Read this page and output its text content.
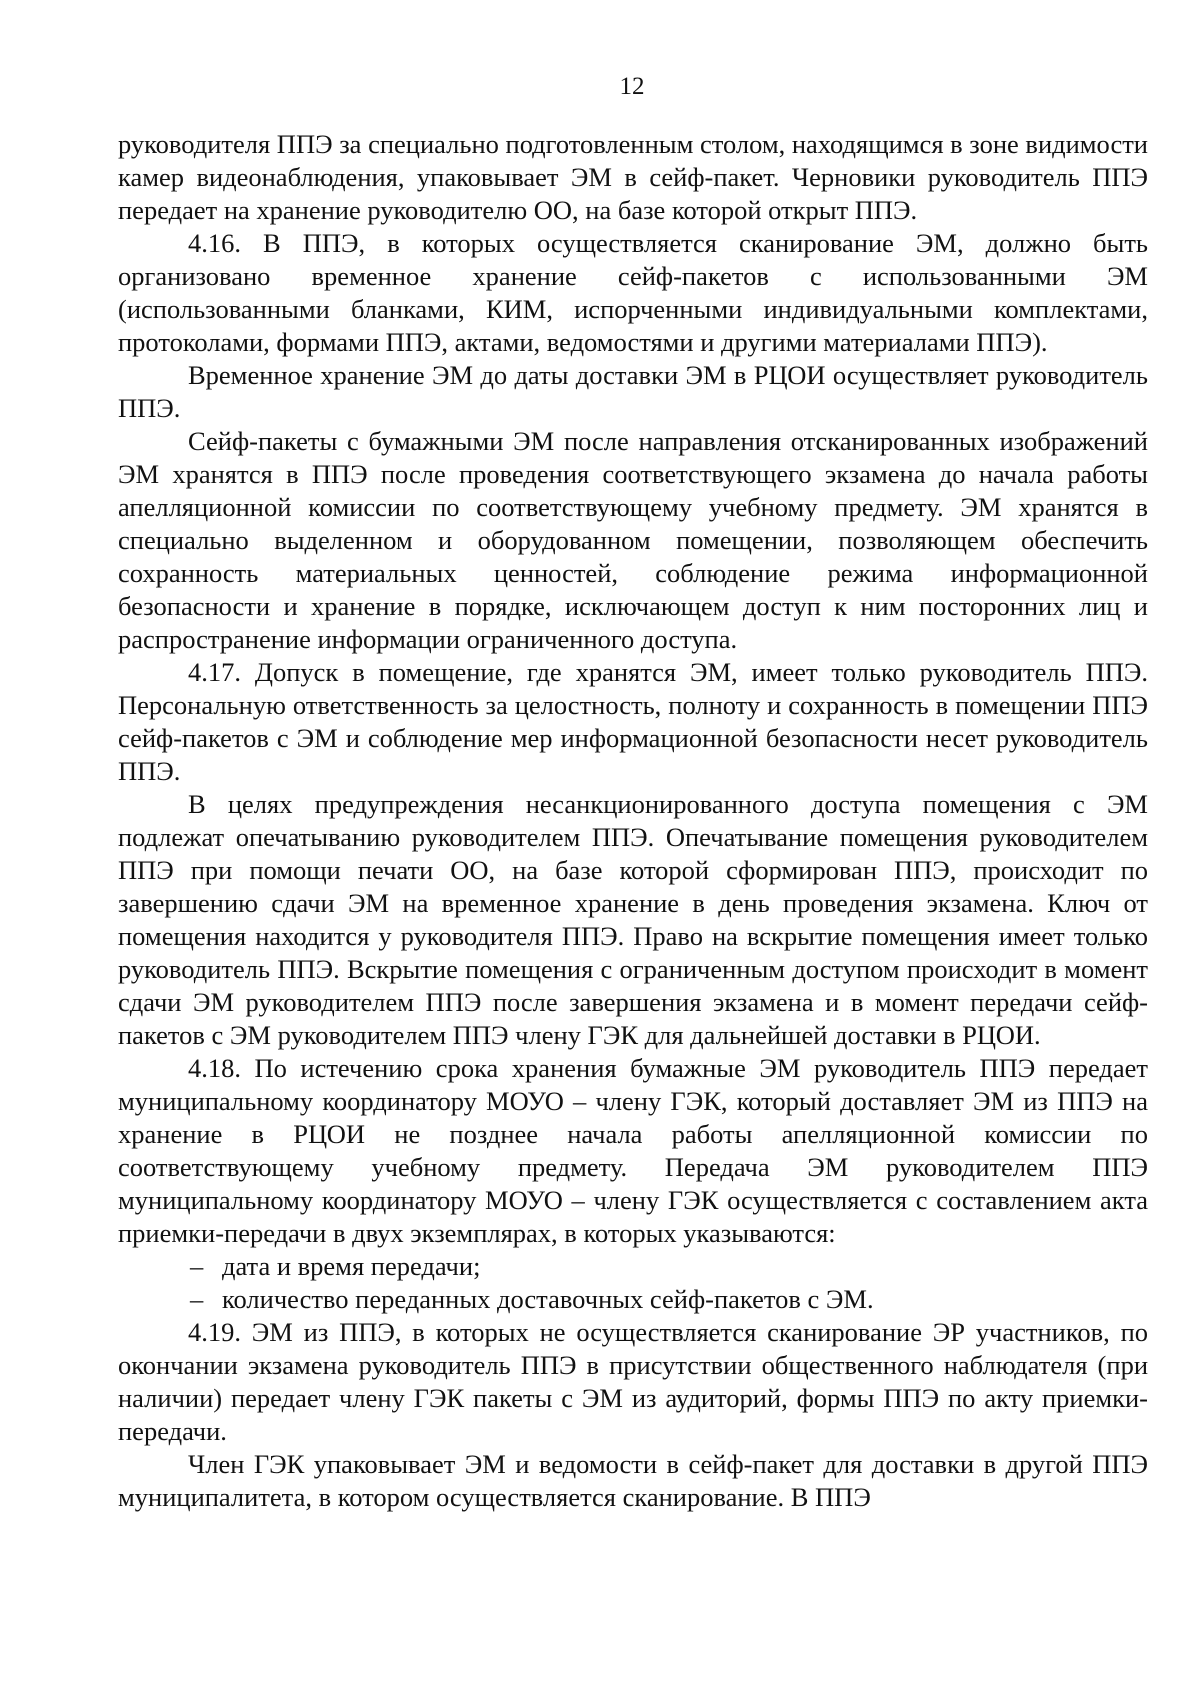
12

руководителя ППЭ за специально подготовленным столом, находящимся в зоне видимости камер видеонаблюдения, упаковывает ЭМ в сейф-пакет. Черновики руководитель ППЭ передает на хранение руководителю ОО, на базе которой открыт ППЭ.

4.16. В ППЭ, в которых осуществляется сканирование ЭМ, должно быть организовано временное хранение сейф-пакетов с использованными ЭМ (использованными бланками, КИМ, испорченными индивидуальными комплектами, протоколами, формами ППЭ, актами, ведомостями и другими материалами ППЭ).

Временное хранение ЭМ до даты доставки ЭМ в РЦОИ осуществляет руководитель ППЭ.

Сейф-пакеты с бумажными ЭМ после направления отсканированных изображений ЭМ хранятся в ППЭ после проведения соответствующего экзамена до начала работы апелляционной комиссии по соответствующему учебному предмету. ЭМ хранятся в специально выделенном и оборудованном помещении, позволяющем обеспечить сохранность материальных ценностей, соблюдение режима информационной безопасности и хранение в порядке, исключающем доступ к ним посторонних лиц и распространение информации ограниченного доступа.

4.17. Допуск в помещение, где хранятся ЭМ, имеет только руководитель ППЭ. Персональную ответственность за целостность, полноту и сохранность в помещении ППЭ сейф-пакетов с ЭМ и соблюдение мер информационной безопасности несет руководитель ППЭ.

В целях предупреждения несанкционированного доступа помещения с ЭМ подлежат опечатыванию руководителем ППЭ. Опечатывание помещения руководителем ППЭ при помощи печати ОО, на базе которой сформирован ППЭ, происходит по завершению сдачи ЭМ на временное хранение в день проведения экзамена. Ключ от помещения находится у руководителя ППЭ. Право на вскрытие помещения имеет только руководитель ППЭ. Вскрытие помещения с ограниченным доступом происходит в момент сдачи ЭМ руководителем ППЭ после завершения экзамена и в момент передачи сейф-пакетов с ЭМ руководителем ППЭ члену ГЭК для дальнейшей доставки в РЦОИ.

4.18. По истечению срока хранения бумажные ЭМ руководитель ППЭ передает муниципальному координатору МОУО – члену ГЭК, который доставляет ЭМ из ППЭ на хранение в РЦОИ не позднее начала работы апелляционной комиссии по соответствующему учебному предмету. Передача ЭМ руководителем ППЭ муниципальному координатору МОУО – члену ГЭК осуществляется с составлением акта приемки-передачи в двух экземплярах, в которых указываются:

– дата и время передачи;

– количество переданных доставочных сейф-пакетов с ЭМ.

4.19. ЭМ из ППЭ, в которых не осуществляется сканирование ЭР участников, по окончании экзамена руководитель ППЭ в присутствии общественного наблюдателя (при наличии) передает члену ГЭК пакеты с ЭМ из аудиторий, формы ППЭ по акту приемки-передачи.

Член ГЭК упаковывает ЭМ и ведомости в сейф-пакет для доставки в другой ППЭ муниципалитета, в котором осуществляется сканирование. В ППЭ
